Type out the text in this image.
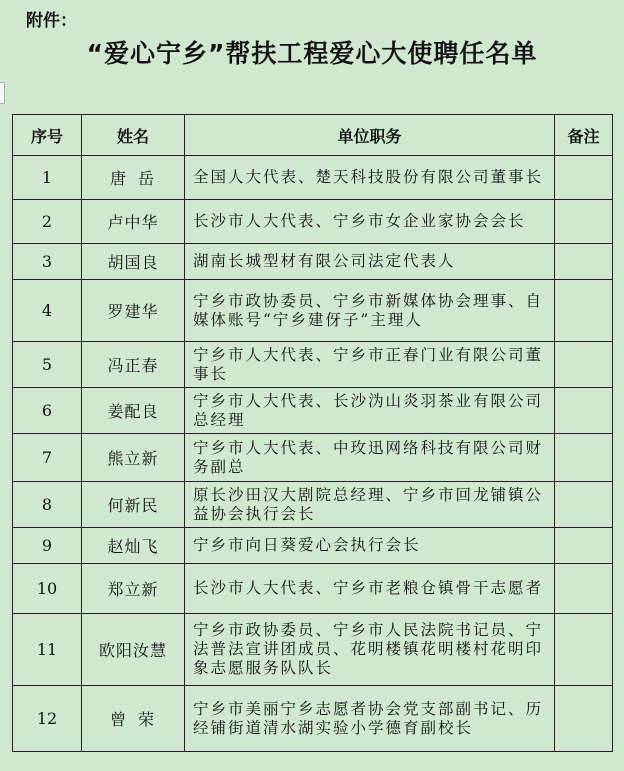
附件：
“爱心宁乡”帮扶工程爱心大使聘任名单
序号	姓名	单位职务	备注
1	唐岳	全国人大代表、楚天科技股份有限公司董事长	
2	卢中华	长沙市人大代表、宁乡市女企业家协会会长	
3	胡国良	湖南长城型材有限公司法定代表人	
4	罗建华	宁乡市政协委员、宁乡市新媒体协会理事、自媒体账号“宁乡建伢子”主理人	
5	冯正春	宁乡市人大代表、宁乡市正春门业有限公司董事长	
6	姜配良	宁乡市人大代表、长沙沩山炎羽茶业有限公司总经理	
7	熊立新	宁乡市人大代表、中玫迅网络科技有限公司财务副总	
8	何新民	原长沙田汉大剧院总经理、宁乡市回龙铺镇公益协会执行会长	
9	赵灿飞	宁乡市向日葵爱心会执行会长	
10	郑立新	长沙市人大代表、宁乡市老粮仓镇骨干志愿者	
11	欧阳汝慧	宁乡市政协委员、宁乡市人民法院书记员、宁法普法宣讲团成员、花明楼镇花明楼村花明印象志愿服务队队长	
12	曾荣	宁乡市美丽宁乡志愿者协会党支部副书记、历经铺街道清水湖实验小学德育副校长	
